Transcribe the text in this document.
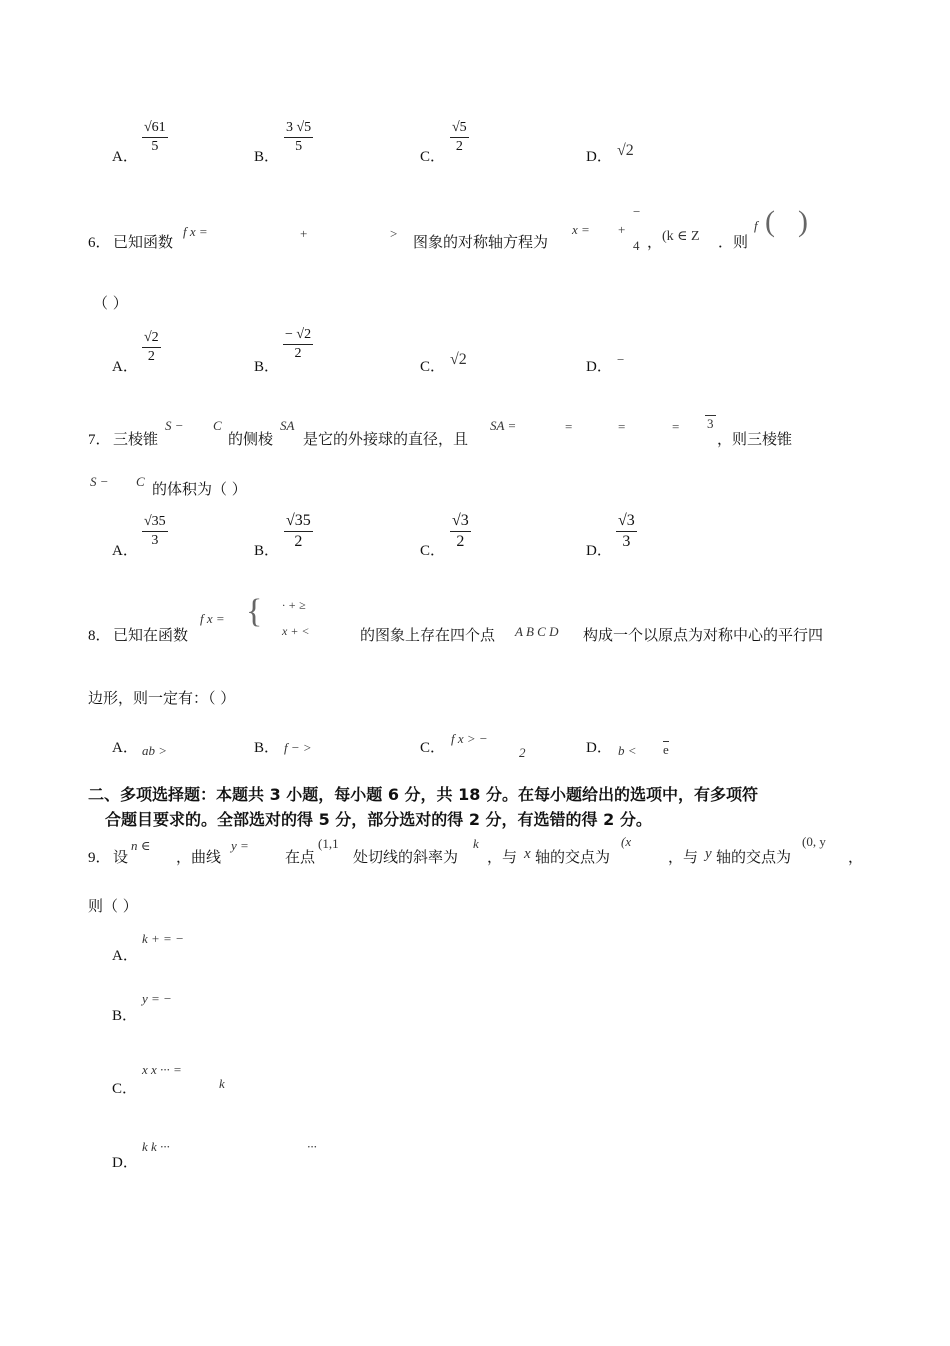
A．
$\frac{√61}{5}$
B．
$\frac{3 √5}{5}$
C．
$\frac{√5}{2}$
D． √2
6． 已知函数
f x =	+	> 图象的对称轴方程为
x = +
−
4 ， (k ∈ Z ．则
f ( )
（ ）
A．
$\frac{√2}{2}$
B．
$\frac{- √2}{2}$
C． √2	D． −
7． 三棱锥
S − C
的侧棱
SA
是它的外接球的直径，且
SA =	=	=	= 3
，则三棱锥
S − C 的体积为（ ）
A．
$\frac{√35}{3}$
B． $\frac{√35}{2}$	C． $\frac{√3}{2}$	D． $\frac{√3}{3}$
8． 已知在函数
f x = { · + ≥
x + <	的图象上存在四个点 A B C D 构成一个以原点为对称中心的平行四
边形，则一定有：（ ）
A． ab >	B． f − >	C．
f x > −
2	D． b < e
二、多项选择题：本题共 3 小题，每小题 6 分，共 18 分。在每小题给出的选项中，有多项符
合题目要求的。全部选对的得 5 分，部分选对的得 2 分，有选错的得 2 分。
9． 设
n ∈
，曲线
y =
在点
(1,1
处切线的斜率为
k
，与 x 轴的交点为
(x
，与 y 轴的交点为
(0, y
，
则（ ）
A．
k + = −
B．
y = −
C．
x x ··· =
k
D．
k k ···	···
